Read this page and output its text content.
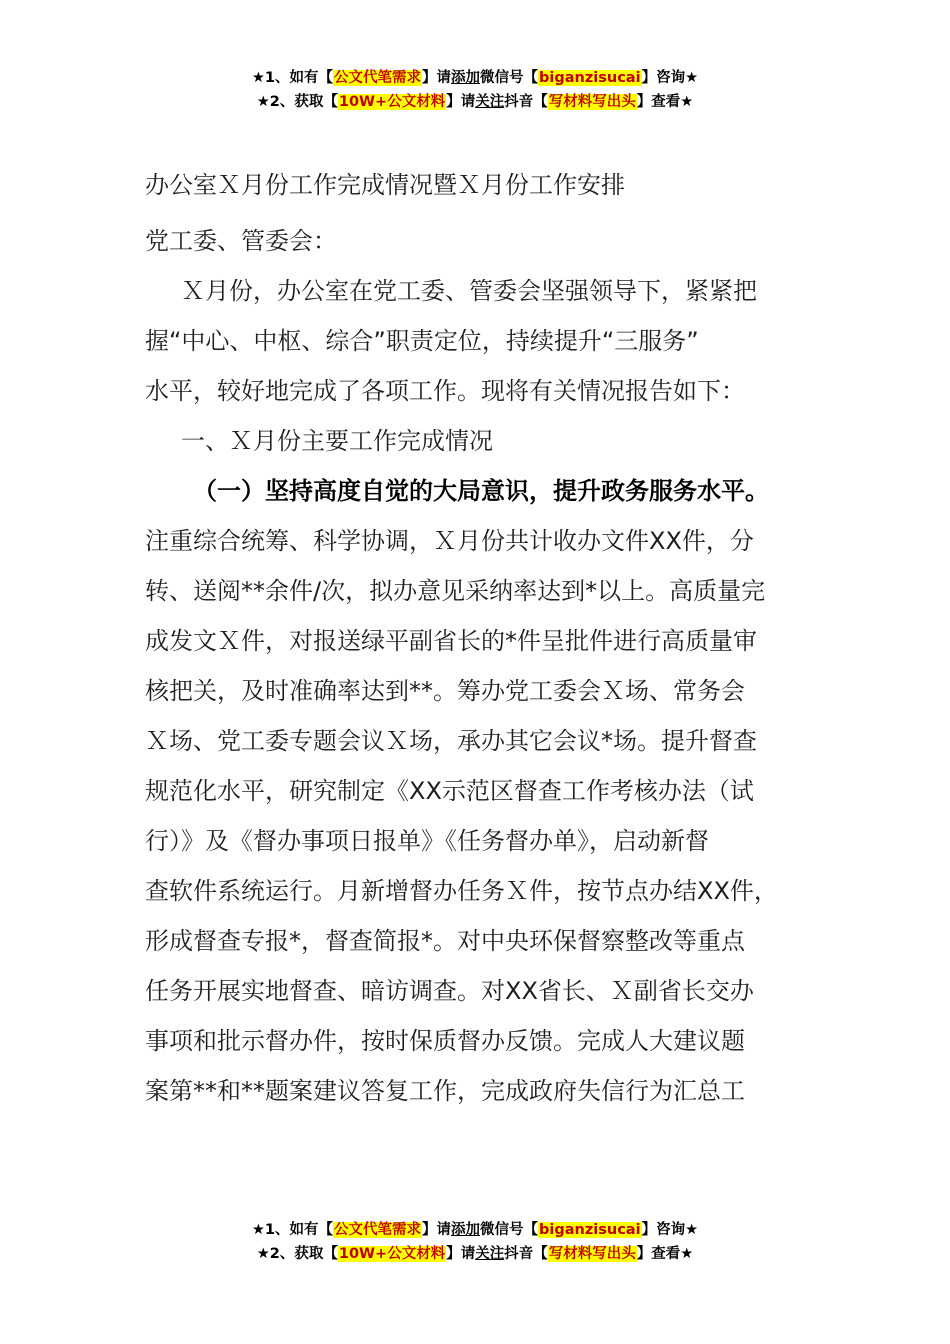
★1、如有【公文代笔需求】请添加微信号【biganzisucai】咨询★
★2、获取【10W+公文材料】请关注抖音【写材料写出头】查看★

办公室Ｘ月份工作完成情况暨Ｘ月份工作安排

党工委、管委会：

Ｘ月份，办公室在党工委、管委会坚强领导下，紧紧把

握“中心、中枢、综合”职责定位，持续提升“三服务”

水平，较好地完成了各项工作。现将有关情况报告如下：

一、Ｘ月份主要工作完成情况

（一）坚持高度自觉的大局意识，提升政务服务水平。

注重综合统筹、科学协调，Ｘ月份共计收办文件XX件，分

转、送阅**余件/次，拟办意见采纳率达到*以上。高质量完

成发文Ｘ件，对报送绿平副省长的*件呈批件进行高质量审

核把关，及时准确率达到**。筹办党工委会Ｘ场、常务会

Ｘ场、党工委专题会议Ｘ场，承办其它会议*场。提升督查

规范化水平，研究制定《XX示范区督查工作考核办法（试

行）》及《督办事项日报单》《任务督办单》，启动新督

查软件系统运行。月新增督办任务Ｘ件，按节点办结XX件，

形成督查专报*，督查简报*。对中央环保督察整改等重点

任务开展实地督查、暗访调查。对XX省长、Ｘ副省长交办

事项和批示督办件，按时保质督办反馈。完成人大建议题

案第**和**题案建议答复工作，完成政府失信行为汇总工

★1、如有【公文代笔需求】请添加微信号【biganzisucai】咨询★
★2、获取【10W+公文材料】请关注抖音【写材料写出头】查看★
